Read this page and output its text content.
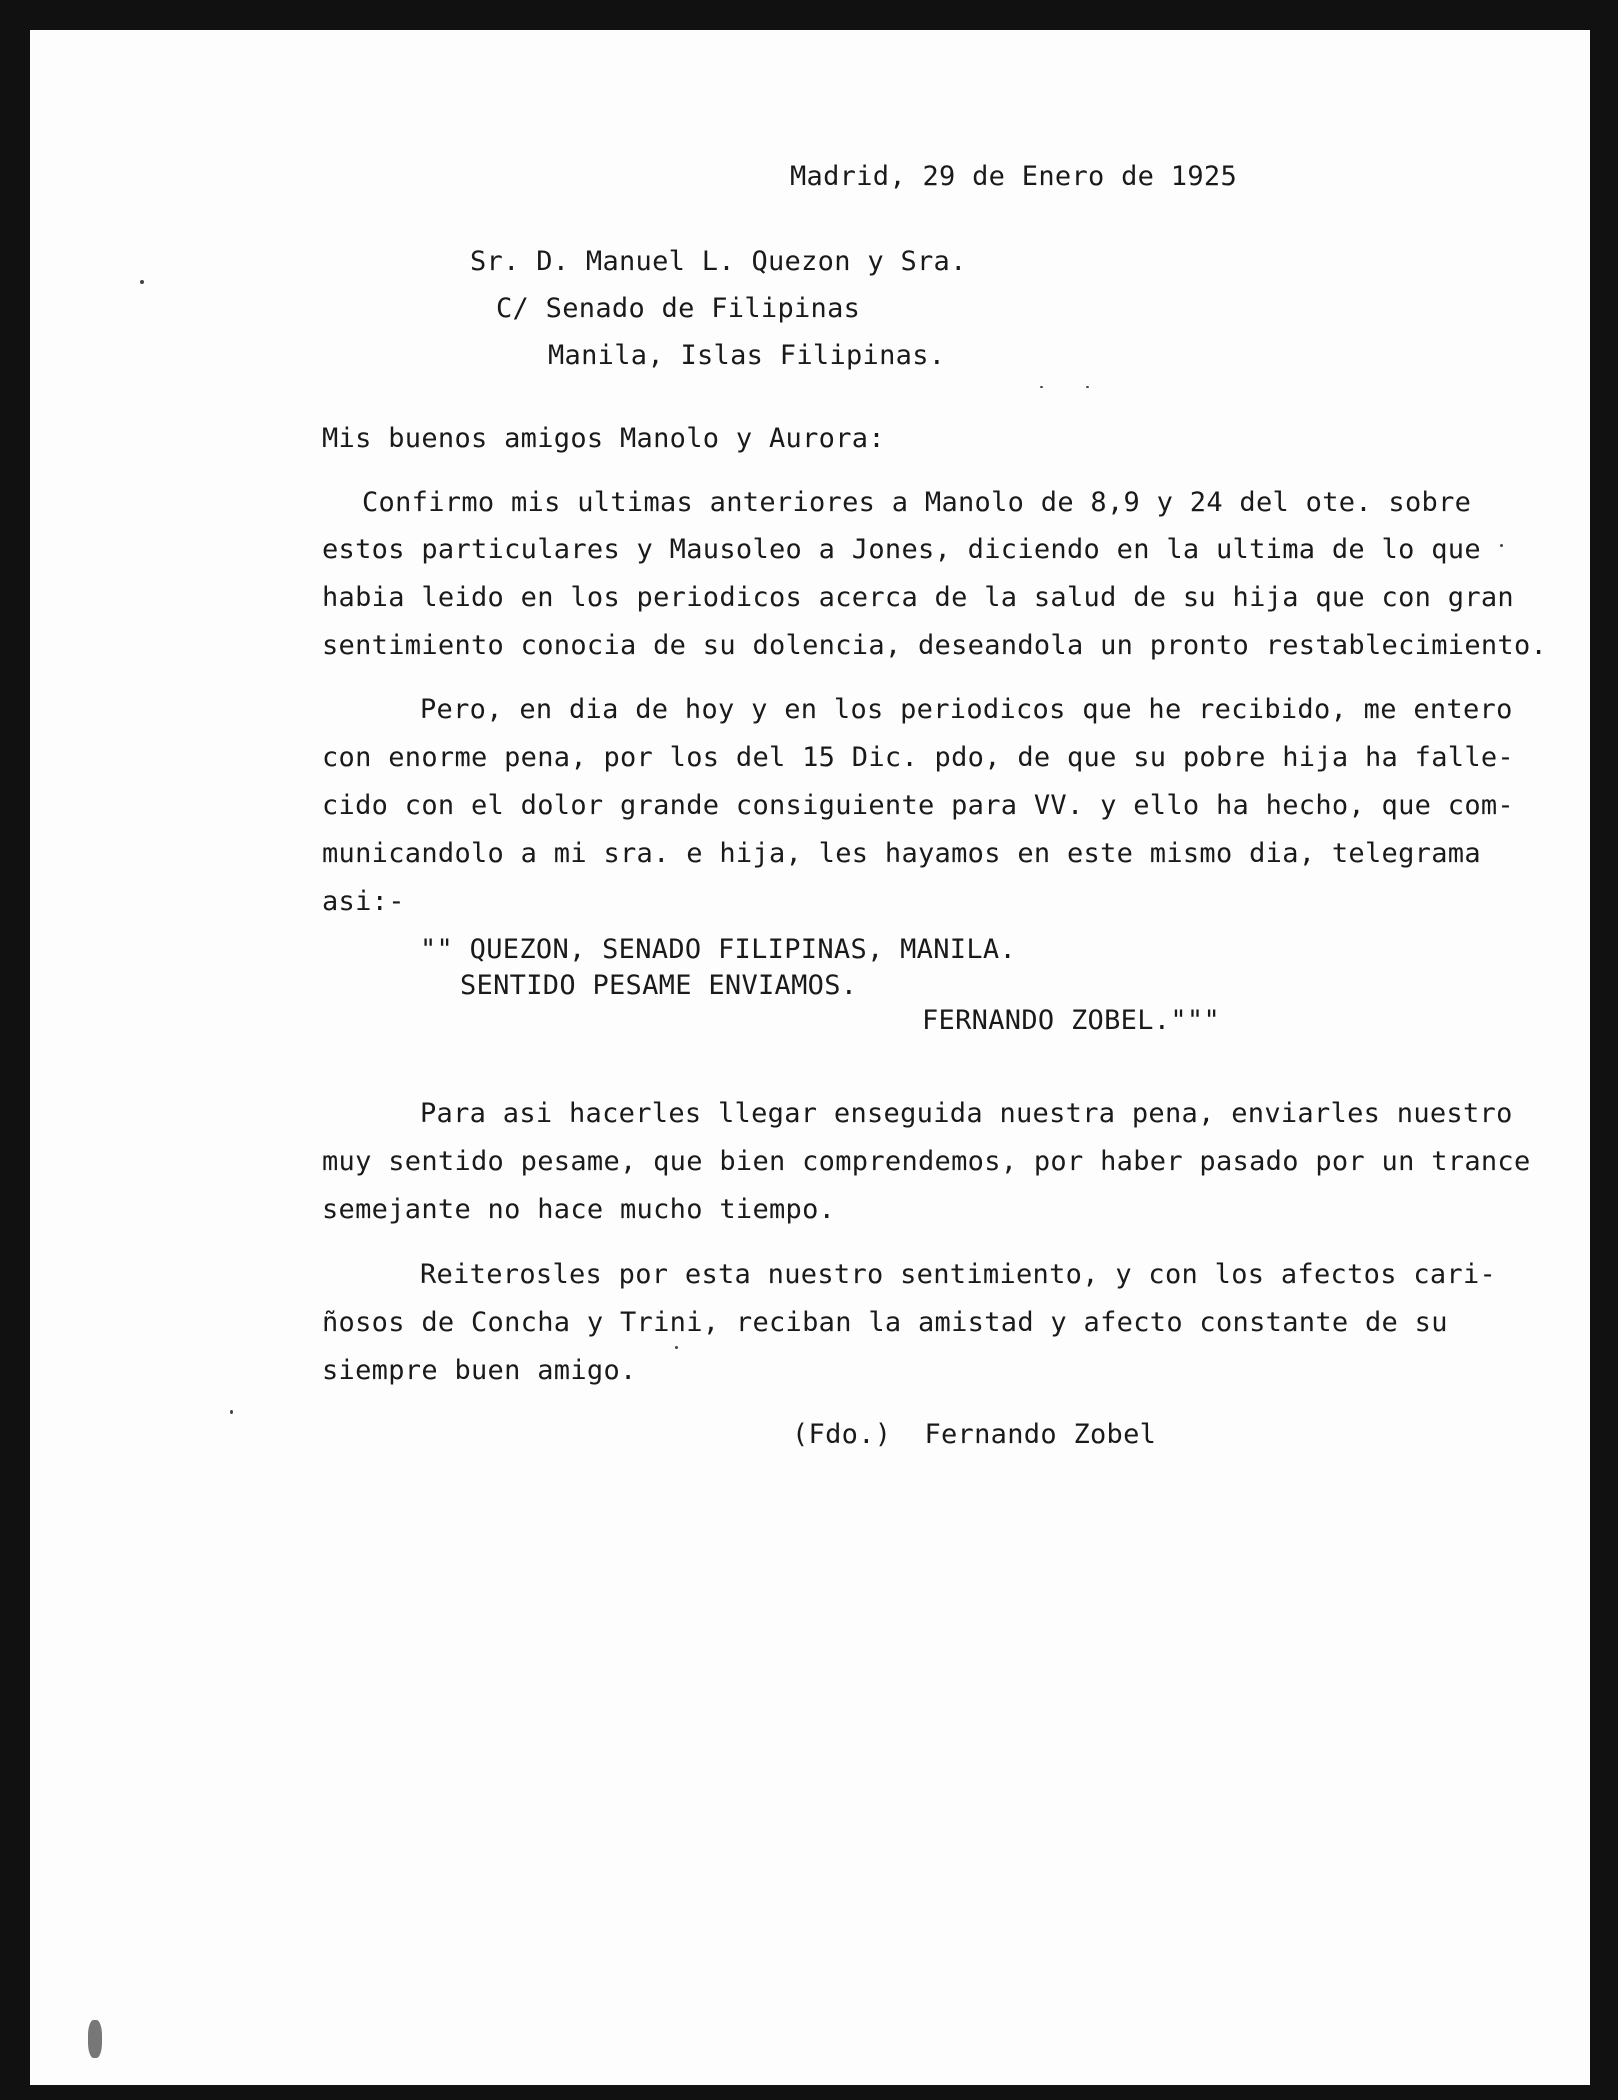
Madrid, 29 de Enero de 1925
Sr. D. Manuel L. Quezon y Sra.
C/ Senado de Filipinas
Manila, Islas Filipinas.
Mis buenos amigos Manolo y Aurora:
Confirmo mis ultimas anteriores a Manolo de 8,9 y 24 del ote. sobre
estos particulares y Mausoleo a Jones, diciendo en la ultima de lo que
habia leido en los periodicos acerca de la salud de su hija que con gran
sentimiento conocia de su dolencia, deseandola un pronto restablecimiento.
Pero, en dia de hoy y en los periodicos que he recibido, me entero
con enorme pena, por los del 15 Dic. pdo, de que su pobre hija ha falle-
cido con el dolor grande consiguiente para VV. y ello ha hecho, que com-
municandolo a mi sra. e hija, les hayamos en este mismo dia, telegrama
asi:-
"" QUEZON, SENADO FILIPINAS, MANILA.
SENTIDO PESAME ENVIAMOS.
FERNANDO ZOBEL."""
Para asi hacerles llegar enseguida nuestra pena, enviarles nuestro
muy sentido pesame, que bien comprendemos, por haber pasado por un trance
semejante no hace mucho tiempo.
Reiterosles por esta nuestro sentimiento, y con los afectos cari-
ñosos de Concha y Trini, reciban la amistad y afecto constante de su
siempre buen amigo.
(Fdo.)  Fernando Zobel
